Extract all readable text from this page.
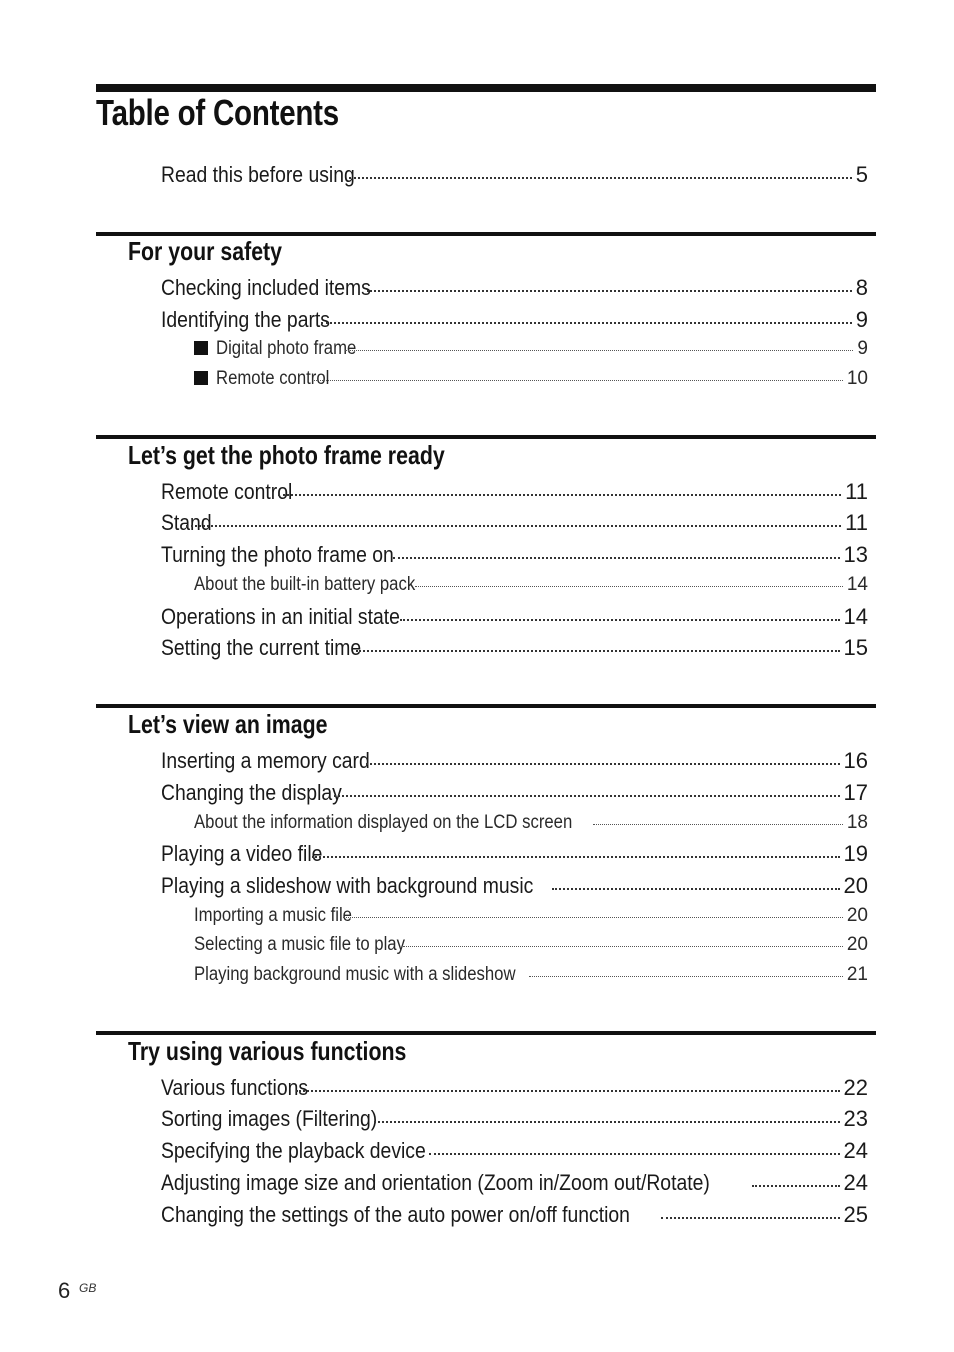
Table of Contents
Read this before using	5
For your safety
Checking included items	8
Identifying the parts	9
Digital photo frame	9
Remote control	10
Let’s get the photo frame ready
Remote control	11
Stand	11
Turning the photo frame on	13
About the built-in battery pack	14
Operations in an initial state	14
Setting the current time	15
Let’s view an image
Inserting a memory card	16
Changing the display	17
About the information displayed on the LCD screen	18
Playing a video file	19
Playing a slideshow with background music	20
Importing a music file	20
Selecting a music file to play	20
Playing background music with a slideshow	21
Try using various functions
Various functions	22
Sorting images (Filtering)	23
Specifying the playback device	24
Adjusting image size and orientation (Zoom in/Zoom out/Rotate)	24
Changing the settings of the auto power on/off function	25
6 GB
